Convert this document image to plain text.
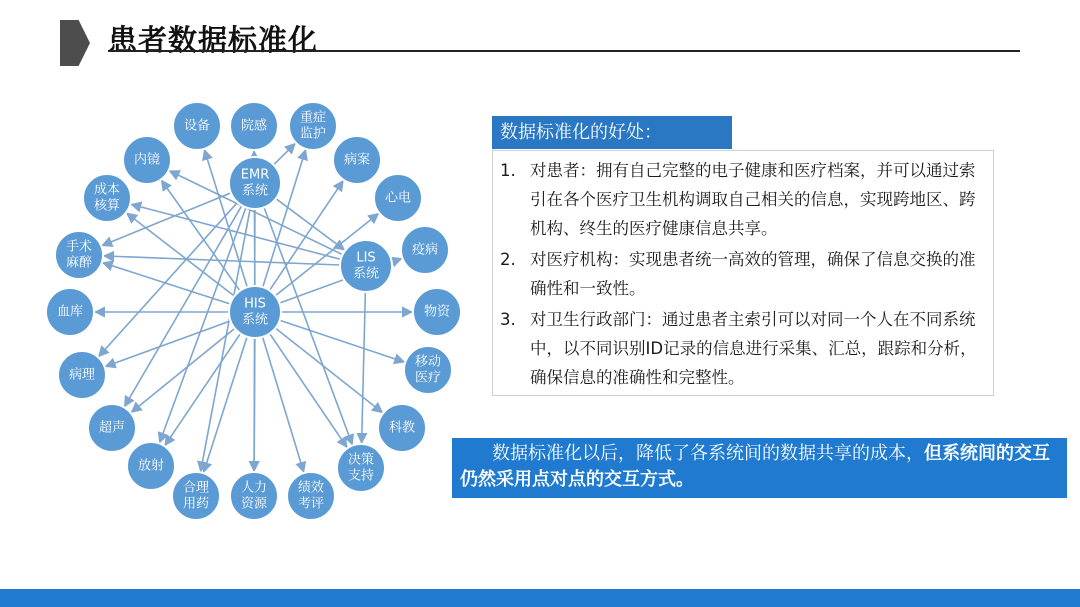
患者数据标准化
设备 院感
重症
监护
病案
心电
疫病
物资
移动
医疗
科教
决策
支持
绩效
考评
人力
资源
合理
用药
放射
超声
病理
血库
手术
麻醉
成本
核算
内镜
EMR
系统
LIS
系统
HIS
系统
数据标准化的好处：
1. 对患者：拥有自己完整的电子健康和医疗档案，并可以通过索引在各个医疗卫生机构调取自己相关的信息，实现跨地区、跨机构、终生的医疗健康信息共享。
2. 对医疗机构：实现患者统一高效的管理，确保了信息交换的准确性和一致性。
3. 对卫生行政部门：通过患者主索引可以对同一个人在不同系统中，以不同识别ID记录的信息进行采集、汇总，跟踪和分析，确保信息的准确性和完整性。
数据标准化以后，降低了各系统间的数据共享的成本，但系统间的交互仍然采用点对点的交互方式。
